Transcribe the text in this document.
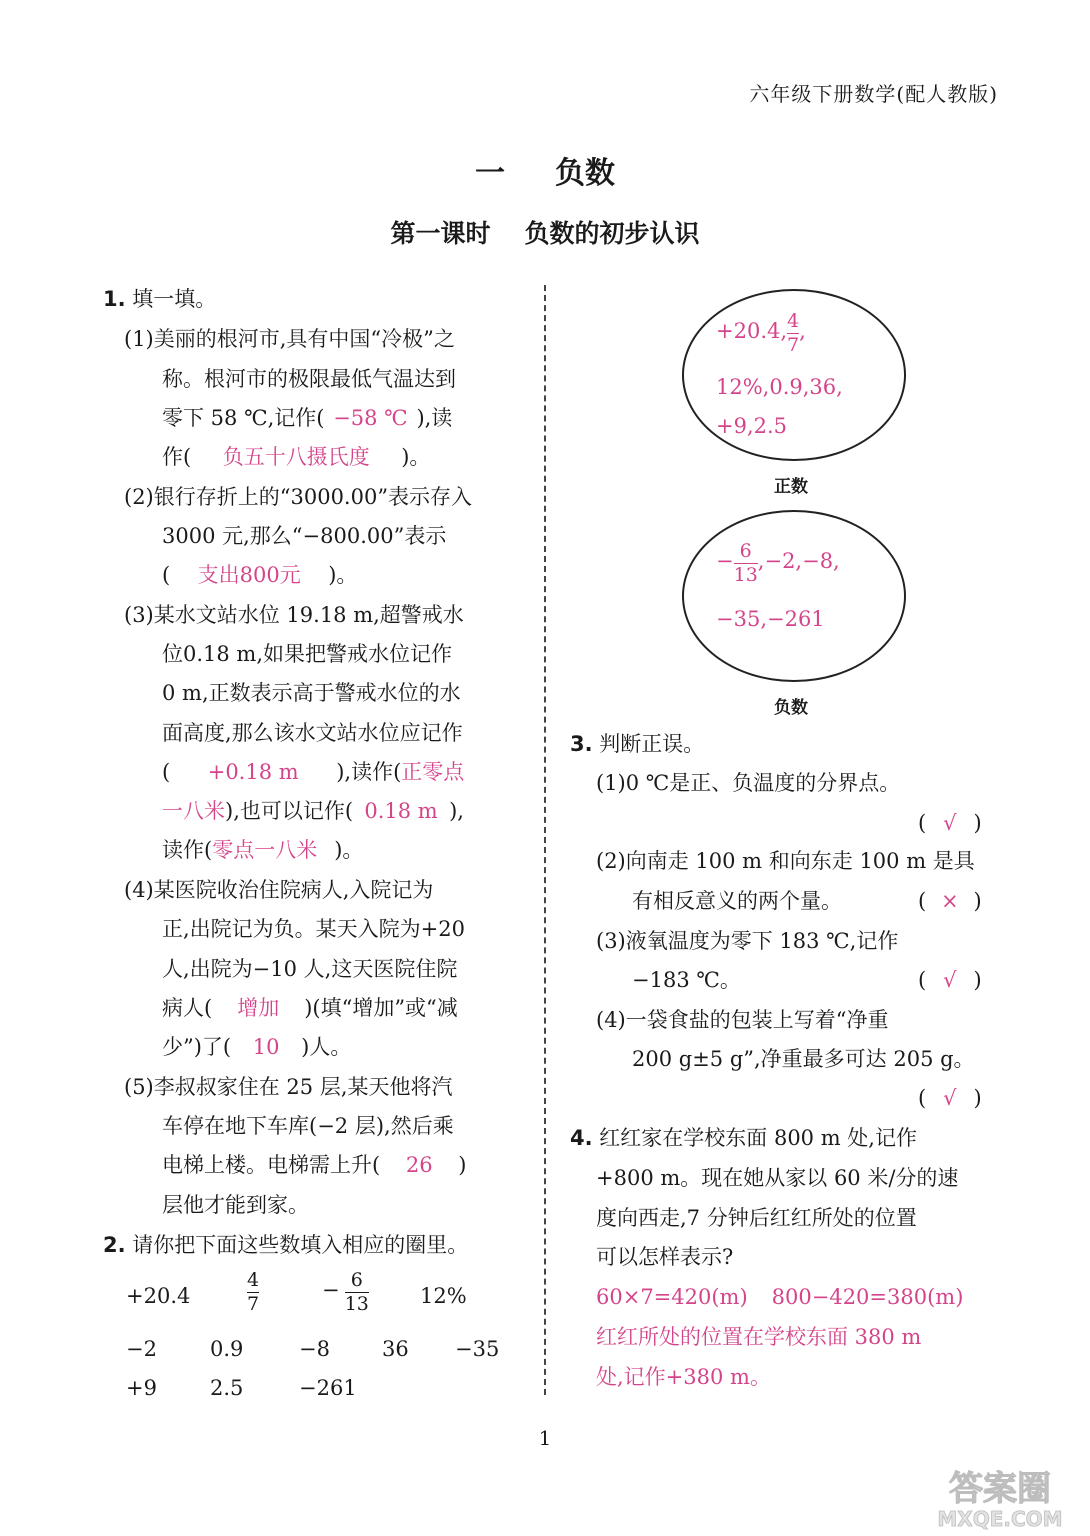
六年级下册数学(配人教版)
一 负数
第一课时 负数的初步认识
1. 填一填。
(1)美丽的根河市,具有中国“冷极”之
称。根河市的极限最低气温达到
零下 58 ℃,记作( −58 ℃ ),读
作( 负五十八摄氏度 )。
(2)银行存折上的“3000.00”表示存入
3000 元,那么“−800.00”表示
( 支出800元 )。
(3)某水文站水位 19.18 m,超警戒水
位0.18 m,如果把警戒水位记作
0 m,正数表示高于警戒水位的水
面高度,那么该水文站水位应记作
( +0.18 m ),读作(正零点
一八米),也可以记作( 0.18 m ),
读作(零点一八米 )。
(4)某医院收治住院病人,入院记为
正,出院记为负。某天入院为+20
人,出院为−10 人,这天医院住院
病人( 增加 )(填“增加”或“减
少”)了( 10 )人。
(5)李叔叔家住在 25 层,某天他将汽
车停在地下车库(−2 层),然后乘
电梯上楼。电梯需上升( 26 )
层他才能到家。
2. 请你把下面这些数填入相应的圈里。
+20.4	$\frac{4}{7}$	− $\frac{6}{13} 12\%$
−2	0.9	−8 36 −35
+9	2.5	−261
+20.4, $\frac{4}{7}$ ,
12%,0.9,36,
+9,2.5
正数
− $\frac{6}{13} ,-2,-8$,
−35,−261
负数
3. 判断正误。
(1)0 ℃是正、负温度的分界点。
( √ )
(2)向南走 100 m 和向东走 100 m 是具
有相反意义的两个量。	( × )
(3)液氧温度为零下 183 ℃,记作
−183 ℃。	( √ )
(4)一袋食盐的包装上写着“净重
200 g±5 g”,净重最多可达 205 g。
( √ )
4. 红红家在学校东面 800 m 处,记作
+800 m。现在她从家以 60 米/分的速
度向西走,7 分钟后红红所处的位置
可以怎样表示?
60×7=420(m) 800−420=380(m)
红红所处的位置在学校东面 380 m
处,记作+380 m。
1
答案圈
MXQE.COM
